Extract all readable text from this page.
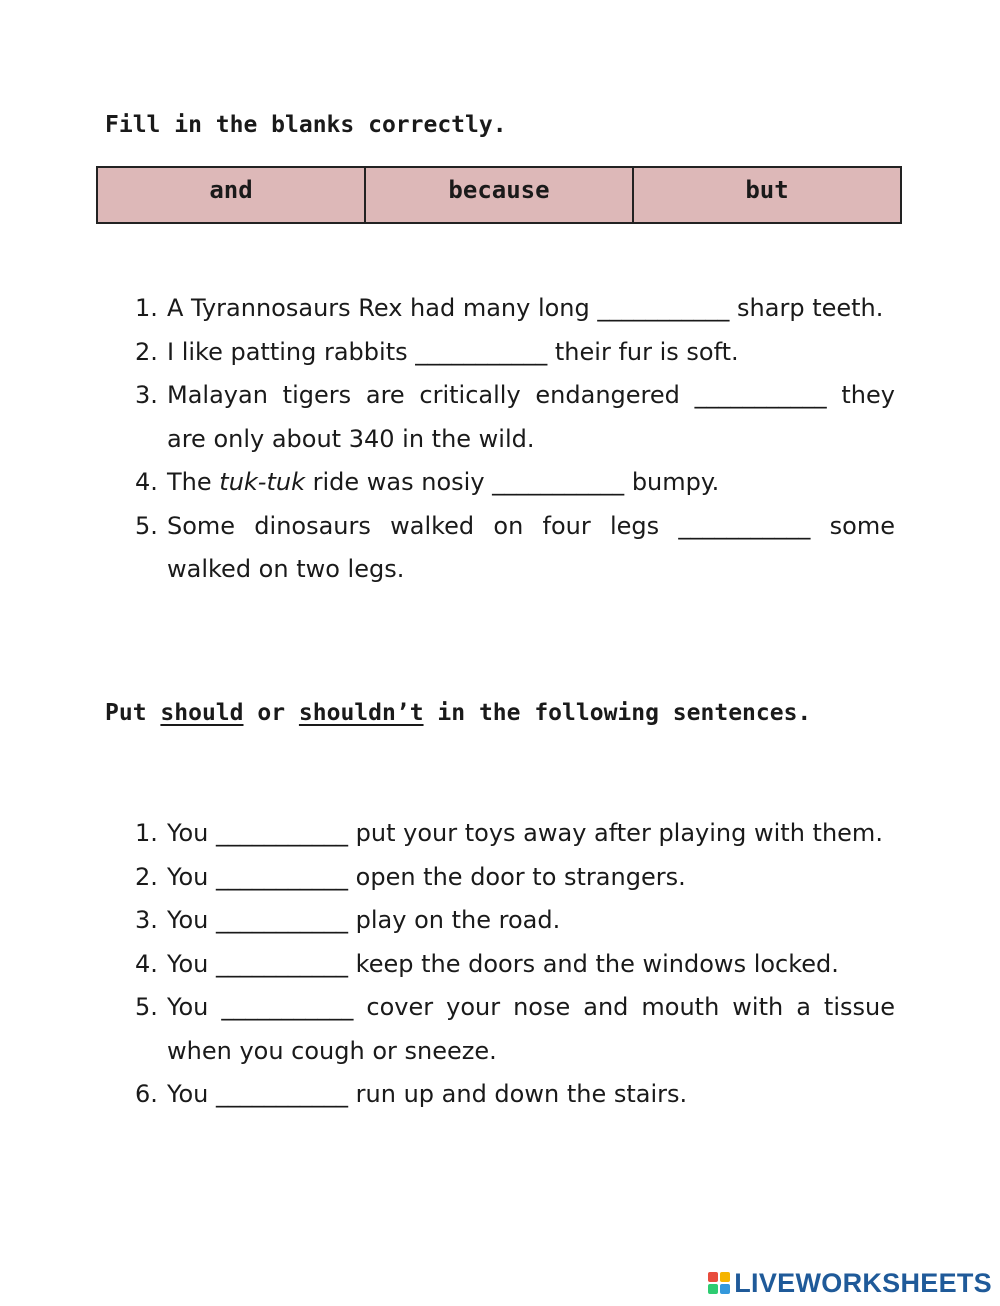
Fill in the blanks correctly.
and	because	but
1. A Tyrannosaurs Rex had many long ___________ sharp teeth.
2. I like patting rabbits ___________ their fur is soft.
3. Malayan tigers are critically endangered ___________ they are only about 340 in the wild.
4. The tuk-tuk ride was nosiy ___________ bumpy.
5. Some dinosaurs walked on four legs ___________ some walked on two legs.
Put should or shouldn’t in the following sentences.
1. You ___________ put your toys away after playing with them.
2. You ___________ open the door to strangers.
3. You ___________ play on the road.
4. You ___________ keep the doors and the windows locked.
5. You ___________ cover your nose and mouth with a tissue when you cough or sneeze.
6. You ___________ run up and down the stairs.
LIVEWORKSHEETS
